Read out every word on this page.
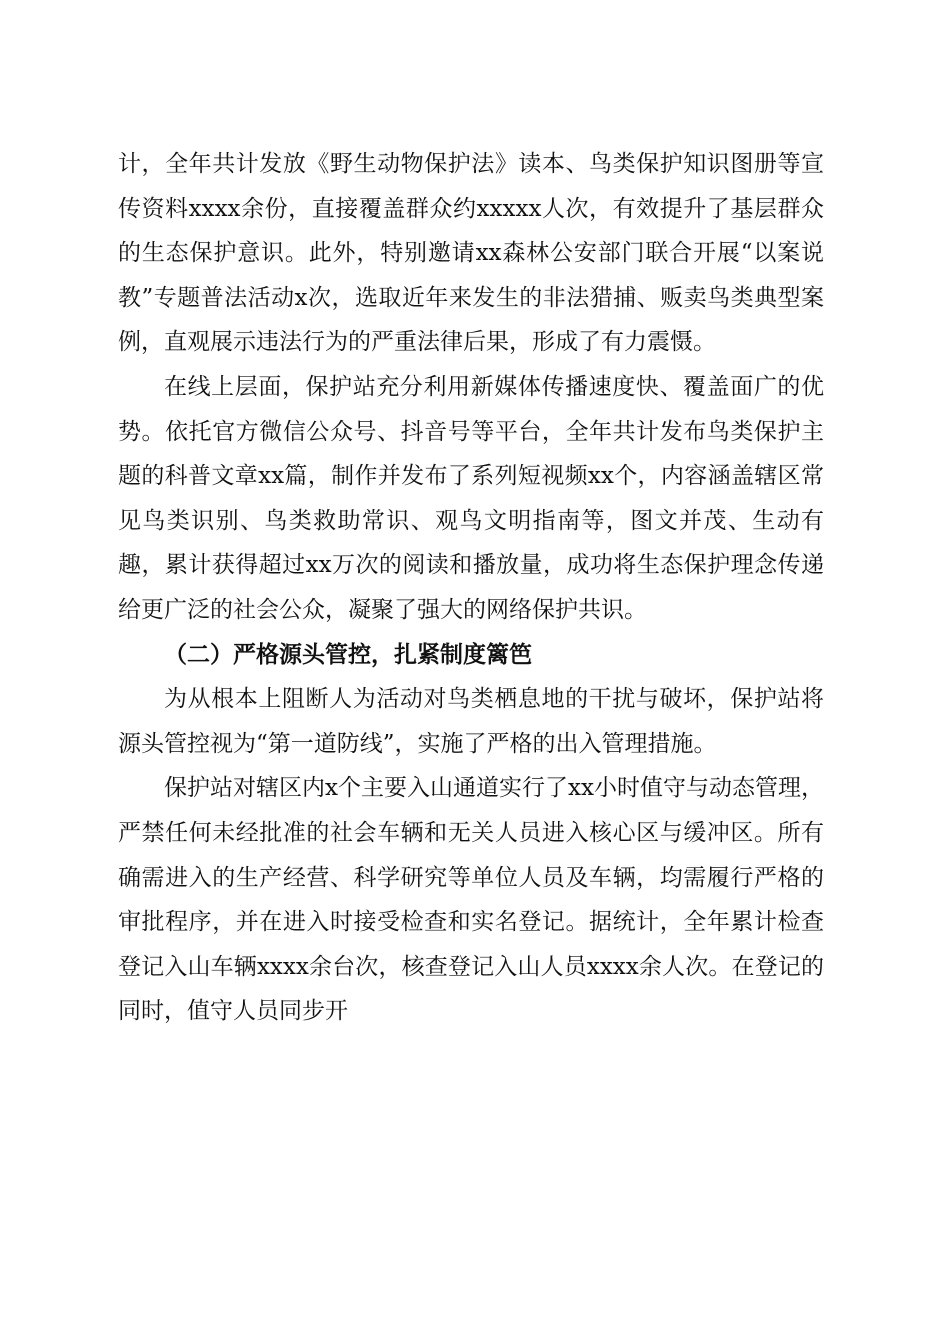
计，全年共计发放《野生动物保护法》读本、鸟类保护知识图册等宣传资料xxxx余份，直接覆盖群众约xxxxx人次，有效提升了基层群众的生态保护意识。此外，特别邀请xx森林公安部门联合开展“以案说教”专题普法活动x次，选取近年来发生的非法猎捕、贩卖鸟类典型案例，直观展示违法行为的严重法律后果，形成了有力震慑。

在线上层面，保护站充分利用新媒体传播速度快、覆盖面广的优势。依托官方微信公众号、抖音号等平台，全年共计发布鸟类保护主题的科普文章xx篇，制作并发布了系列短视频xx个，内容涵盖辖区常见鸟类识别、鸟类救助常识、观鸟文明指南等，图文并茂、生动有趣，累计获得超过xx万次的阅读和播放量，成功将生态保护理念传递给更广泛的社会公众，凝聚了强大的网络保护共识。

（二）严格源头管控，扎紧制度篱笆

为从根本上阻断人为活动对鸟类栖息地的干扰与破坏，保护站将源头管控视为“第一道防线”，实施了严格的出入管理措施。

保护站对辖区内x个主要入山通道实行了xx小时值守与动态管理，严禁任何未经批准的社会车辆和无关人员进入核心区与缓冲区。所有确需进入的生产经营、科学研究等单位人员及车辆，均需履行严格的审批程序，并在进入时接受检查和实名登记。据统计，全年累计检查登记入山车辆xxxx余台次，核查登记入山人员xxxx余人次。在登记的同时，值守人员同步开
